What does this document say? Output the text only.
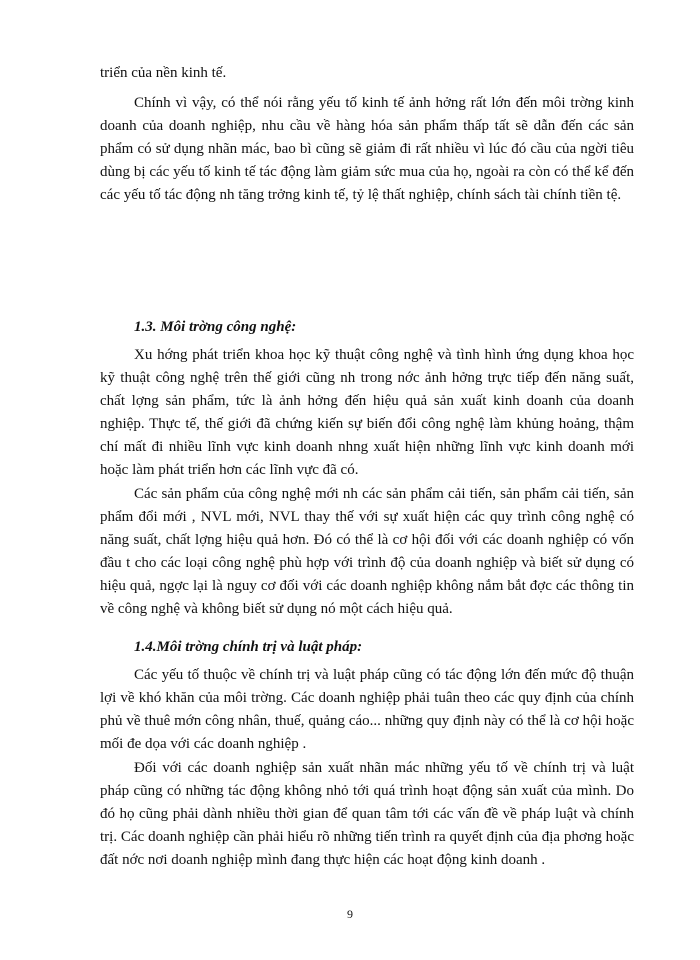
triển của nền kinh tế.

Chính vì vậy, có thể nói rằng yếu tố kinh tế ảnh hởng rất lớn đến môi trờng kinh doanh của doanh nghiệp, nhu cầu về hàng hóa sản phẩm thấp tất sẽ dẫn đến các sản phẩm có sử dụng nhãn mác, bao bì cũng sẽ giảm đi rất nhiều vì lúc đó cầu của ngời tiêu dùng bị các yếu tố kinh tế tác động làm giảm sức mua của họ, ngoài ra còn có thể kể đến các yếu tố tác động nh tăng trởng kinh tế, tỷ lệ thất nghiệp, chính sách tài chính tiền tệ.

1.3. Môi trờng công nghệ:

Xu hớng phát triển khoa học kỹ thuật công nghệ và tình hình ứng dụng khoa học kỹ thuật công nghệ trên thế giới cũng nh trong nớc ảnh hởng trực tiếp đến năng suất, chất lợng sản phẩm, tức là ảnh hởng đến hiệu quả sản xuất kinh doanh của doanh nghiệp. Thực tế, thế giới đã chứng kiến sự biến đổi công nghệ làm khủng hoảng, thậm chí mất đi nhiều lĩnh vực kinh doanh nhng xuất hiện những lĩnh vực kinh doanh mới hoặc làm phát triển hơn các lĩnh vực đã có.

Các sản phẩm của công nghệ mới nh các sản phẩm cải tiến, sản phẩm cải tiến, sản phẩm đổi mới , NVL mới, NVL thay thế với sự xuất hiện các quy trình công nghệ có năng suất, chất lợng hiệu quả hơn. Đó có thể là cơ hội đối với các doanh nghiệp có vốn đầu t cho các loại công nghệ phù hợp với trình độ của doanh nghiệp và biết sử dụng có hiệu quả, ngợc lại là nguy cơ đối với các doanh nghiệp không nắm bắt đợc các thông tin về công nghệ và không biết sử dụng nó một cách hiệu quả.

1.4.Môi trờng chính trị và luật pháp:

Các yếu tố thuộc về chính trị và luật pháp cũng có tác động lớn đến mức độ thuận lợi về khó khăn của môi trờng. Các doanh nghiệp phải tuân theo các quy định của chính phủ về thuê mớn công nhân, thuế, quảng cáo... những quy định này có thể là cơ hội hoặc mối đe dọa với các doanh nghiệp .

Đối với các doanh nghiệp sản xuất nhãn mác những yếu tố về chính trị và luật pháp cũng có những tác động không nhỏ tới quá trình hoạt động sản xuất của mình. Do đó họ cũng phải dành nhiều thời gian để quan tâm tới các vấn đề về pháp luật và chính trị. Các doanh nghiệp cần phải hiểu rõ những tiến trình ra quyết định của địa phơng hoặc đất nớc nơi doanh nghiệp mình đang thực hiện các hoạt động kinh doanh .

9
